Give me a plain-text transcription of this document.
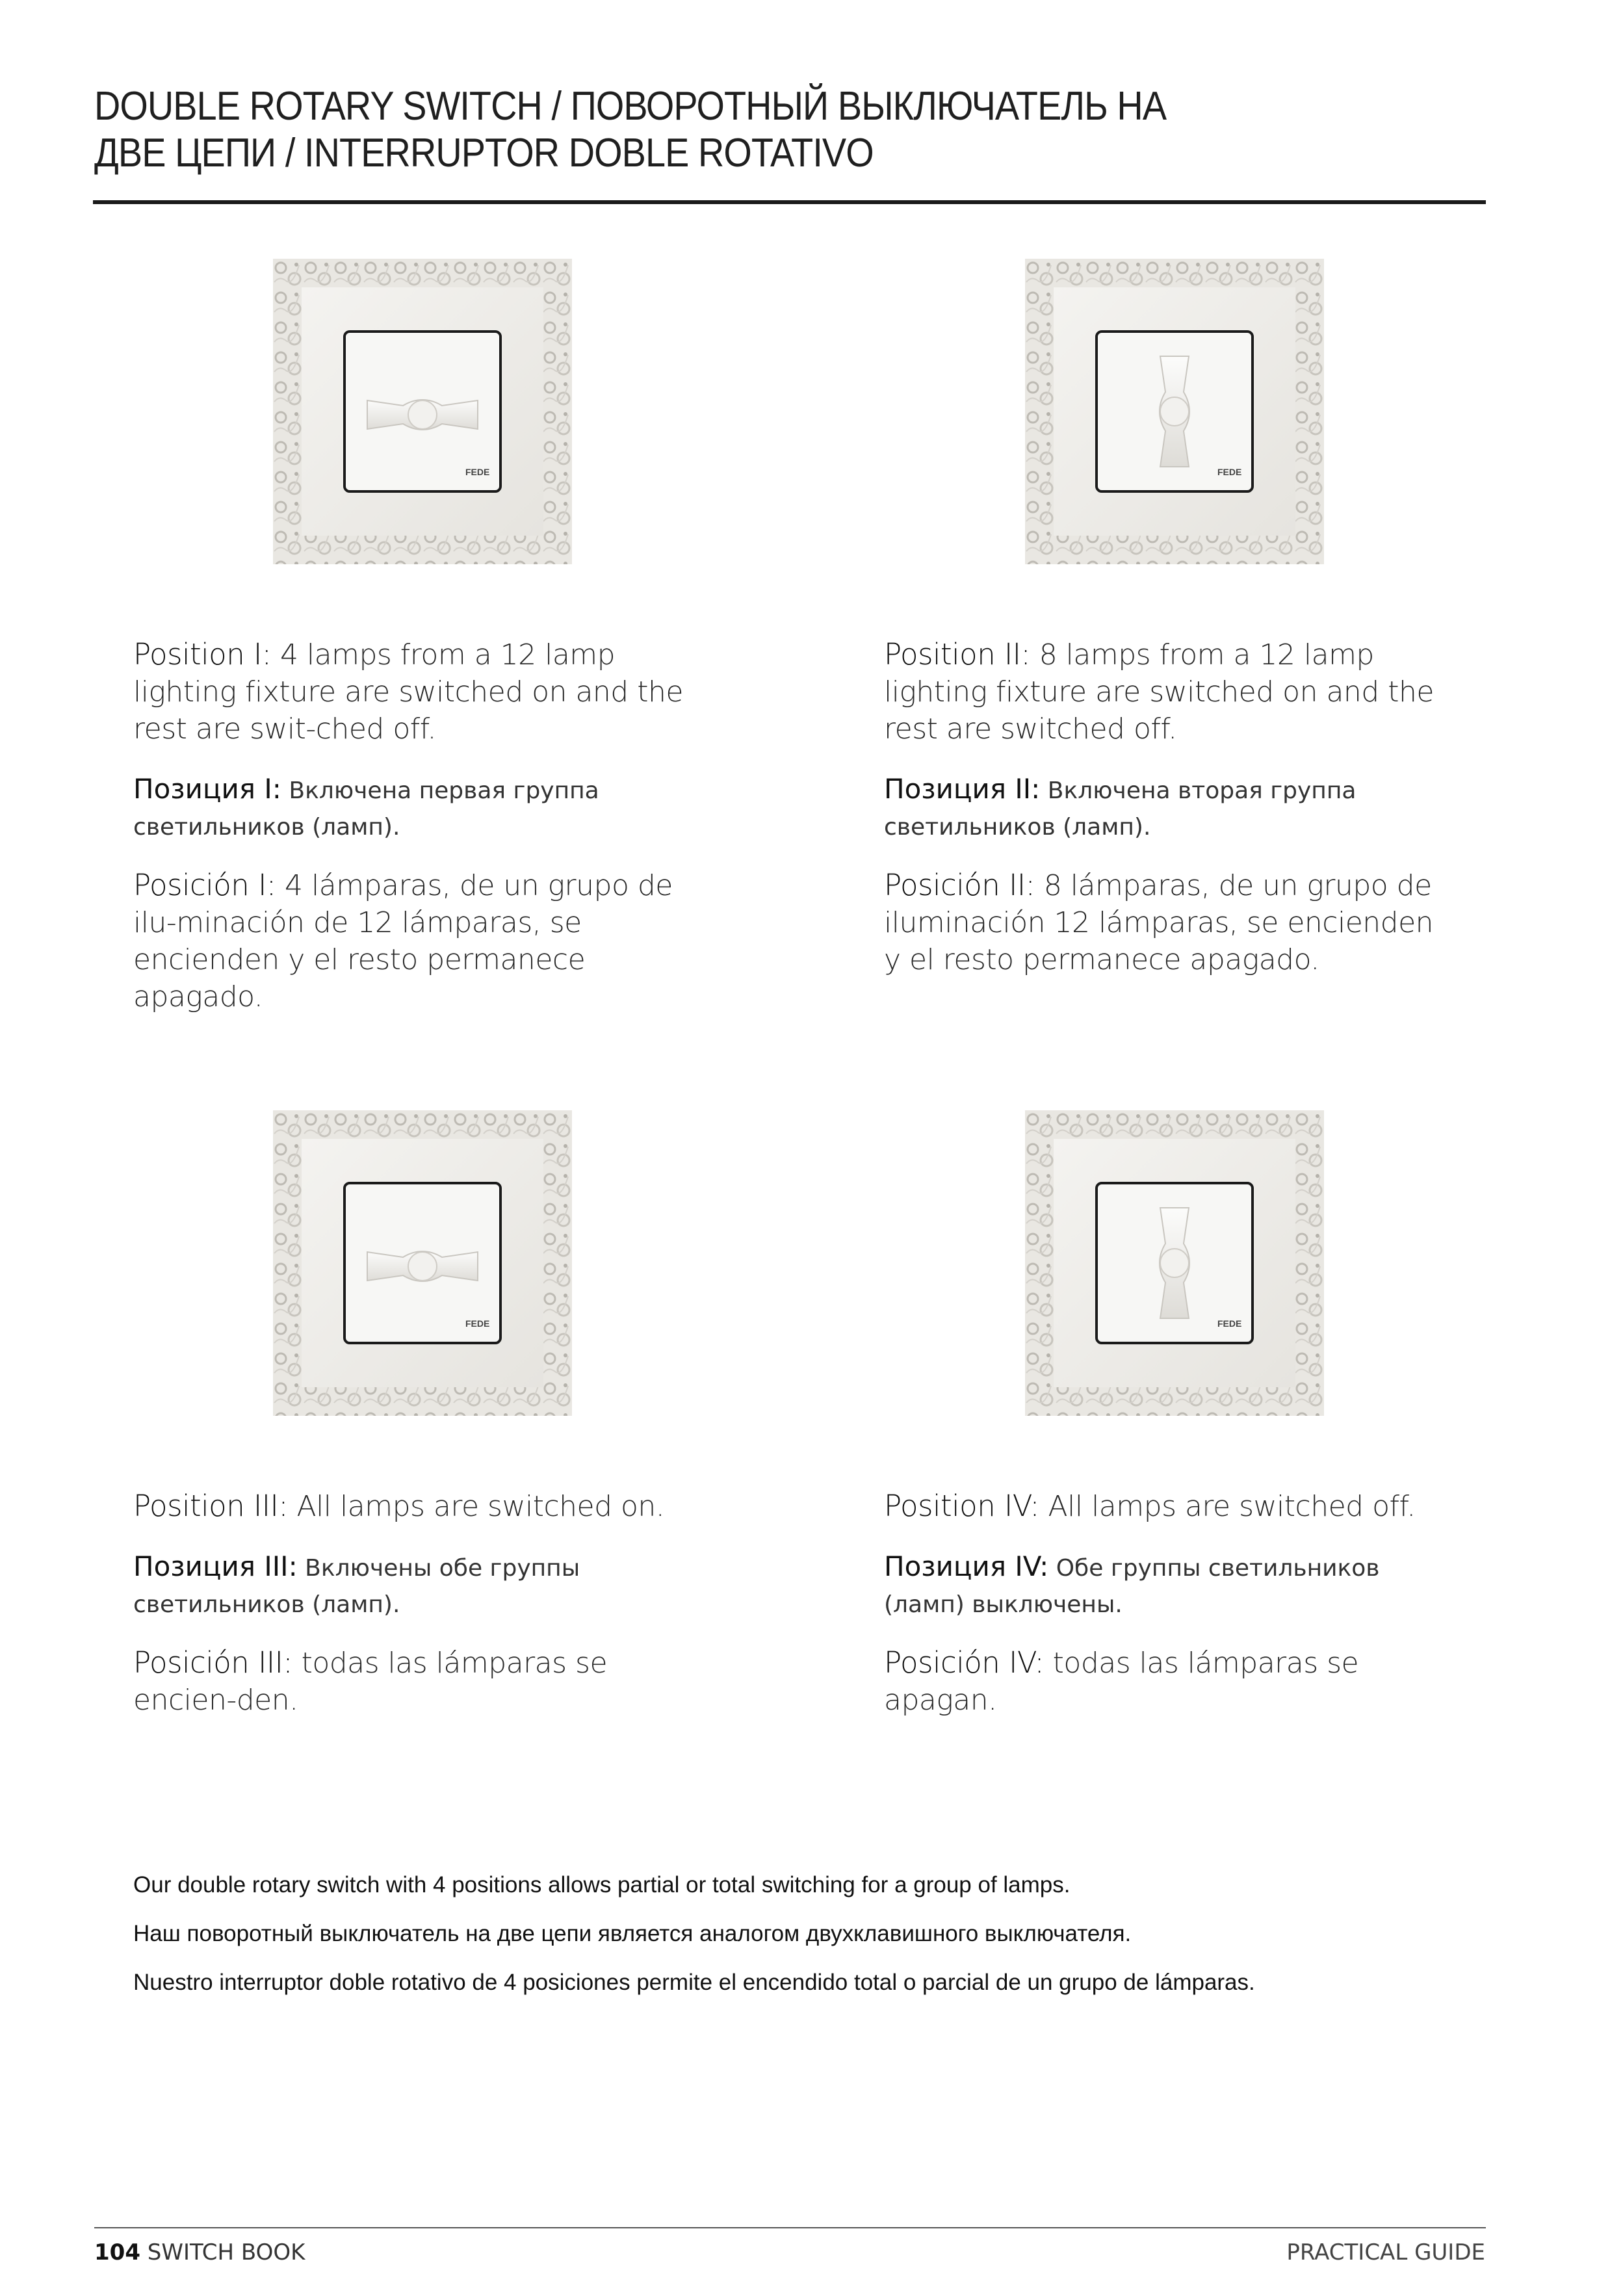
DOUBLE ROTARY SWITCH / ПОВОРОТНЫЙ ВЫКЛЮЧАТЕЛЬ НА
ДВЕ ЦЕПИ / INTERRUPTOR DOBLE ROTATIVO
FEDE	FEDE
FEDE	FEDE

Position I: 4 lamps from a 12 lamp lighting fixture are switched on and the rest are swit-ched off.

Позиция I: Включена первая группа светильников (ламп).

Posición I: 4 lámparas, de un grupo de ilu-minación de 12 lámparas, se encienden y el resto permanece apagado.

Position II: 8 lamps from a 12 lamp lighting fixture are switched on and the rest are switched off.

Позиция II: Включена вторая группа светильников (ламп).

Posición II: 8 lámparas, de un grupo de iluminación 12 lámparas, se encienden y el resto permanece apagado.

Position III: All lamps are switched on.

Позиция III: Включены обе группы светильников (ламп).

Posición III: todas las lámparas se encien-den.

Position IV: All lamps are switched off.

Позиция IV: Обе группы светильников (ламп) выключены.

Posición IV: todas las lámparas se apagan.

Our double rotary switch with 4 positions allows partial or total switching for a group of lamps.
Наш поворотный выключатель на две цепи является аналогом двухклавишного выключателя.
Nuestro interruptor doble rotativo de 4 posiciones permite el encendido total o parcial de un grupo de lámparas.
104 SWITCH BOOK	PRACTICAL GUIDE
